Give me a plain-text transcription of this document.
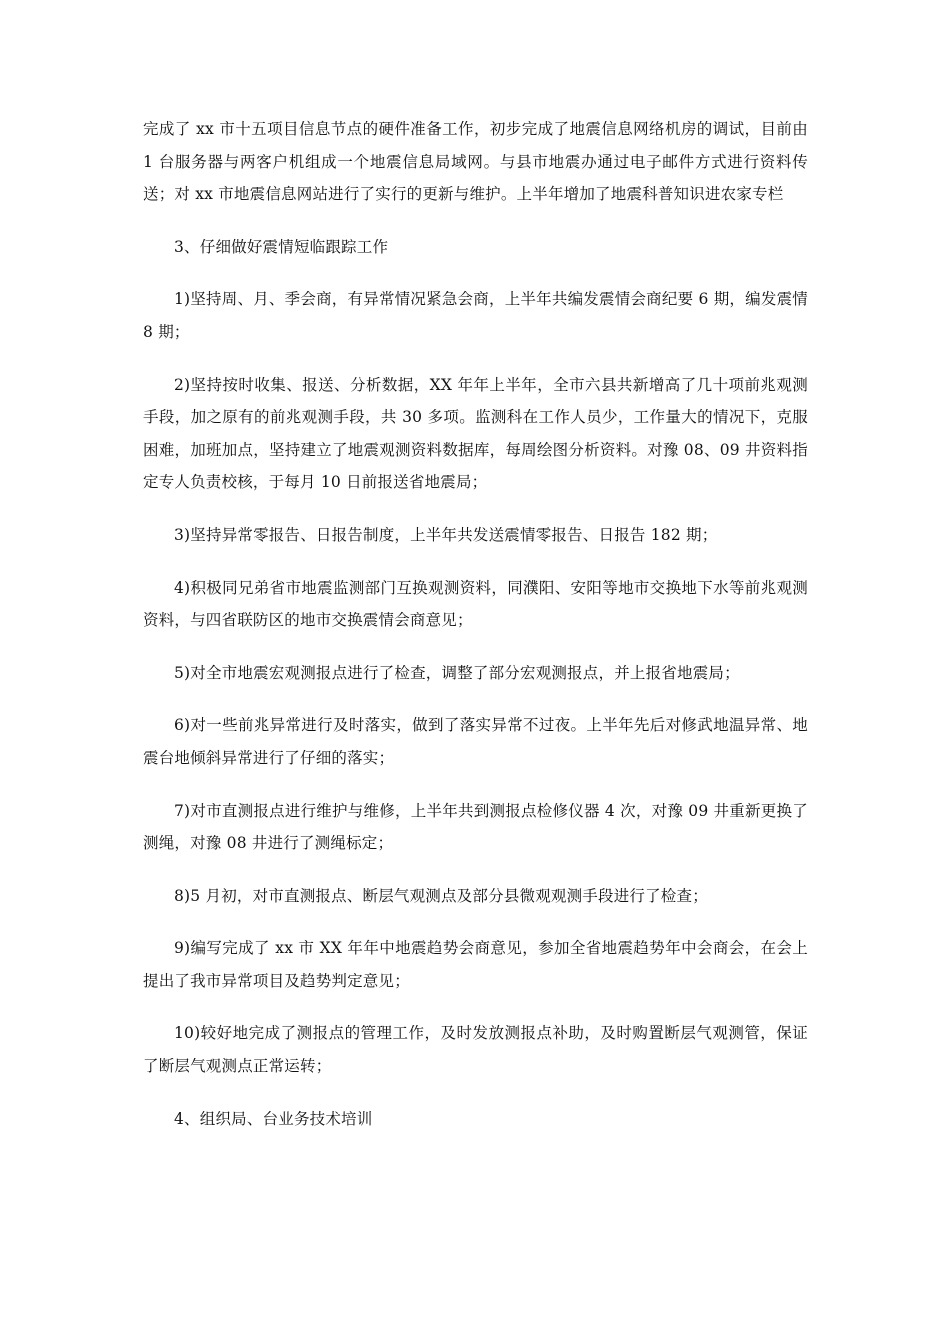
完成了 xx 市十五项目信息节点的硬件准备工作，初步完成了地震信息网络机房的调试，目前由 1 台服务器与两客户机组成一个地震信息局域网。与县市地震办通过电子邮件方式进行资料传送；对 xx 市地震信息网站进行了实行的更新与维护。上半年增加了地震科普知识进农家专栏

3、仔细做好震情短临跟踪工作

1)坚持周、月、季会商，有异常情况紧急会商，上半年共编发震情会商纪要 6 期，编发震情 8 期；

2)坚持按时收集、报送、分析数据，XX 年年上半年，全市六县共新增高了几十项前兆观测手段，加之原有的前兆观测手段，共 30 多项。监测科在工作人员少，工作量大的情况下，克服困难，加班加点，坚持建立了地震观测资料数据库，每周绘图分析资料。对豫 08、09 井资料指定专人负责校核，于每月 10 日前报送省地震局；

3)坚持异常零报告、日报告制度，上半年共发送震情零报告、日报告 182 期；

4)积极同兄弟省市地震监测部门互换观测资料，同濮阳、安阳等地市交换地下水等前兆观测资料，与四省联防区的地市交换震情会商意见；

5)对全市地震宏观测报点进行了检查，调整了部分宏观测报点，并上报省地震局；

6)对一些前兆异常进行及时落实，做到了落实异常不过夜。上半年先后对修武地温异常、地震台地倾斜异常进行了仔细的落实；

7)对市直测报点进行维护与维修，上半年共到测报点检修仪器 4 次，对豫 09 井重新更换了测绳，对豫 08 井进行了测绳标定；

8)5 月初，对市直测报点、断层气观测点及部分县微观观测手段进行了检查；

9)编写完成了 xx 市 XX 年年中地震趋势会商意见，参加全省地震趋势年中会商会，在会上提出了我市异常项目及趋势判定意见；

10)较好地完成了测报点的管理工作，及时发放测报点补助，及时购置断层气观测管，保证了断层气观测点正常运转；

4、组织局、台业务技术培训
